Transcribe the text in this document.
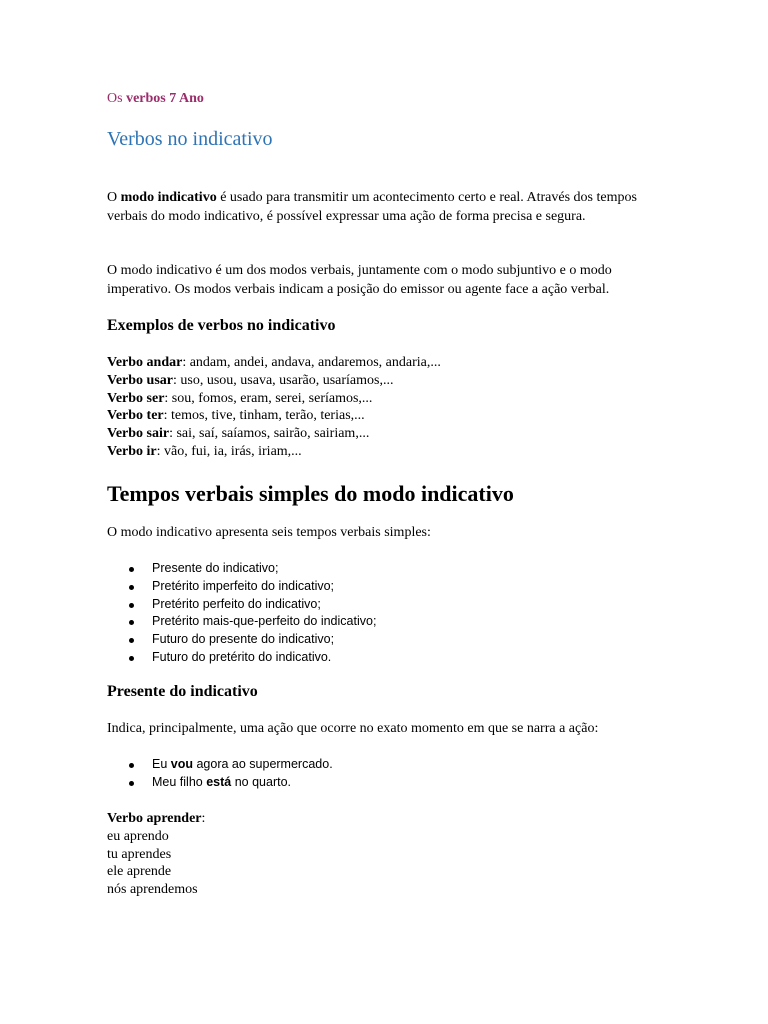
Os verbos 7 Ano
Verbos no indicativo
O modo indicativo é usado para transmitir um acontecimento certo e real. Através dos tempos verbais do modo indicativo, é possível expressar uma ação de forma precisa e segura.
O modo indicativo é um dos modos verbais, juntamente com o modo subjuntivo e o modo imperativo. Os modos verbais indicam a posição do emissor ou agente face a ação verbal.
Exemplos de verbos no indicativo
Verbo andar: andam, andei, andava, andaremos, andaria,...
Verbo usar: uso, usou, usava, usarão, usaríamos,...
Verbo ser: sou, fomos, eram, serei, seríamos,...
Verbo ter: temos, tive, tinham, terão, terias,...
Verbo sair: sai, saí, saíamos, sairão, sairiam,...
Verbo ir: vão, fui, ia, irás, iriam,...
Tempos verbais simples do modo indicativo
O modo indicativo apresenta seis tempos verbais simples:
Presente do indicativo;
Pretérito imperfeito do indicativo;
Pretérito perfeito do indicativo;
Pretérito mais-que-perfeito do indicativo;
Futuro do presente do indicativo;
Futuro do pretérito do indicativo.
Presente do indicativo
Indica, principalmente, uma ação que ocorre no exato momento em que se narra a ação:
Eu vou agora ao supermercado.
Meu filho está no quarto.
Verbo aprender:
eu aprendo
tu aprendes
ele aprende
nós aprendemos
